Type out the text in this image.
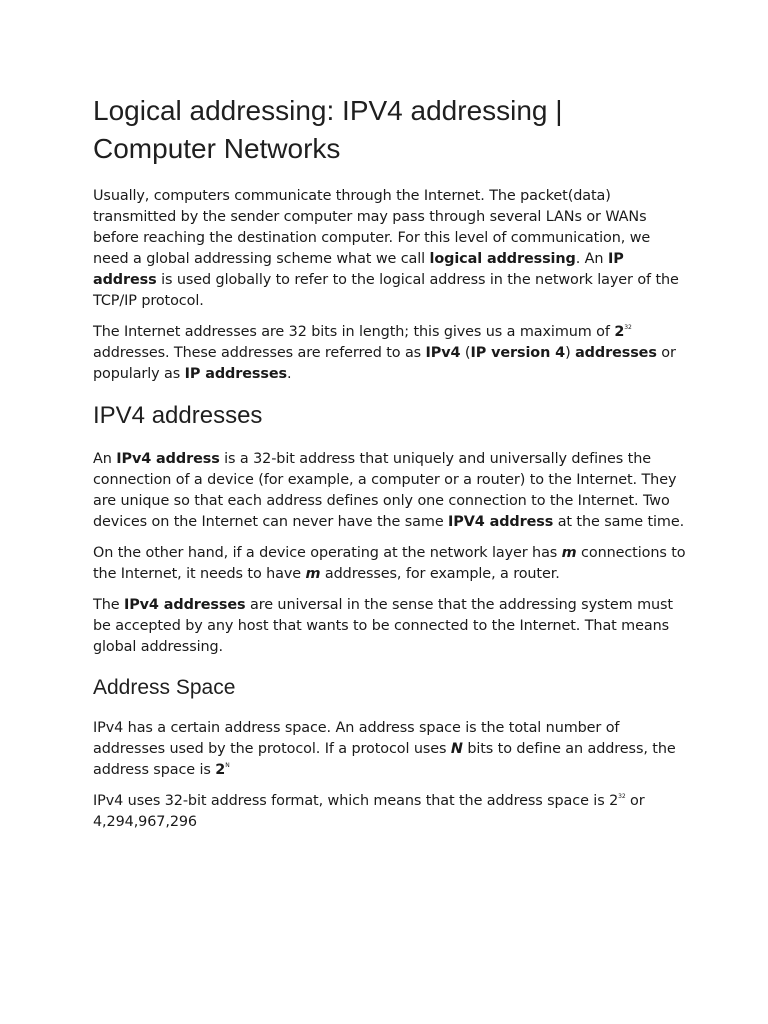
Logical addressing: IPV4 addressing | Computer Networks

Usually, computers communicate through the Internet. The packet(data) transmitted by the sender computer may pass through several LANs or WANs before reaching the destination computer. For this level of communication, we need a global addressing scheme what we call logical addressing. An IP address is used globally to refer to the logical address in the network layer of the TCP/IP protocol.

The Internet addresses are 32 bits in length; this gives us a maximum of $2^{32}$ addresses. These addresses are referred to as IPv4 (IP version 4) addresses or popularly as IP addresses.

IPV4 addresses

An IPv4 address is a 32-bit address that uniquely and universally defines the connection of a device (for example, a computer or a router) to the Internet. They are unique so that each address defines only one connection to the Internet. Two devices on the Internet can never have the same IPV4 address at the same time.

On the other hand, if a device operating at the network layer has m connections to the Internet, it needs to have m addresses, for example, a router.

The IPv4 addresses are universal in the sense that the addressing system must be accepted by any host that wants to be connected to the Internet. That means global addressing.

Address Space

IPv4 has a certain address space. An address space is the total number of addresses used by the protocol. If a protocol uses N bits to define an address, the address space is $2^N$

IPv4 uses 32-bit address format, which means that the address space is $2^{32}$ or 4,294,967,296
